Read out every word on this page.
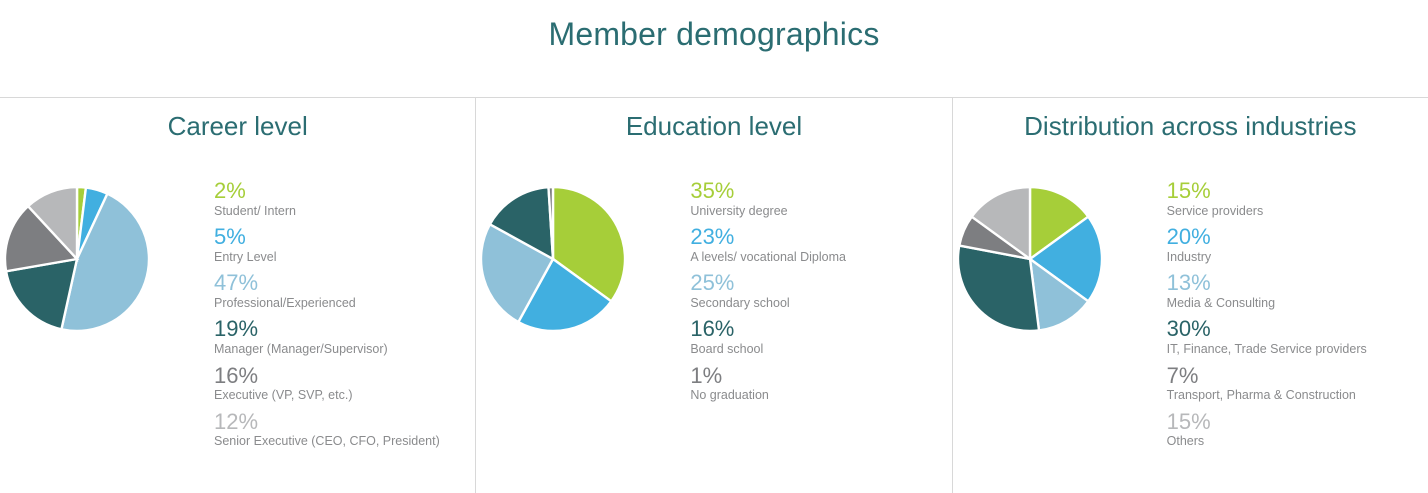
Member demographics
Career level
2%
Student/ Intern
5%
Entry Level
47%
Professional/Experienced
19%
Manager (Manager/Supervisor)
16%
Executive (VP, SVP, etc.)
12%
Senior Executive (CEO, CFO, President)
Education level
35%
University degree
23%
A levels/ vocational Diploma
25%
Secondary school
16%
Board school
1%
No graduation
Distribution across industries
15%
Service providers
20%
Industry
13%
Media & Consulting
30%
IT, Finance, Trade Service providers
7%
Transport, Pharma & Construction
15%
Others
